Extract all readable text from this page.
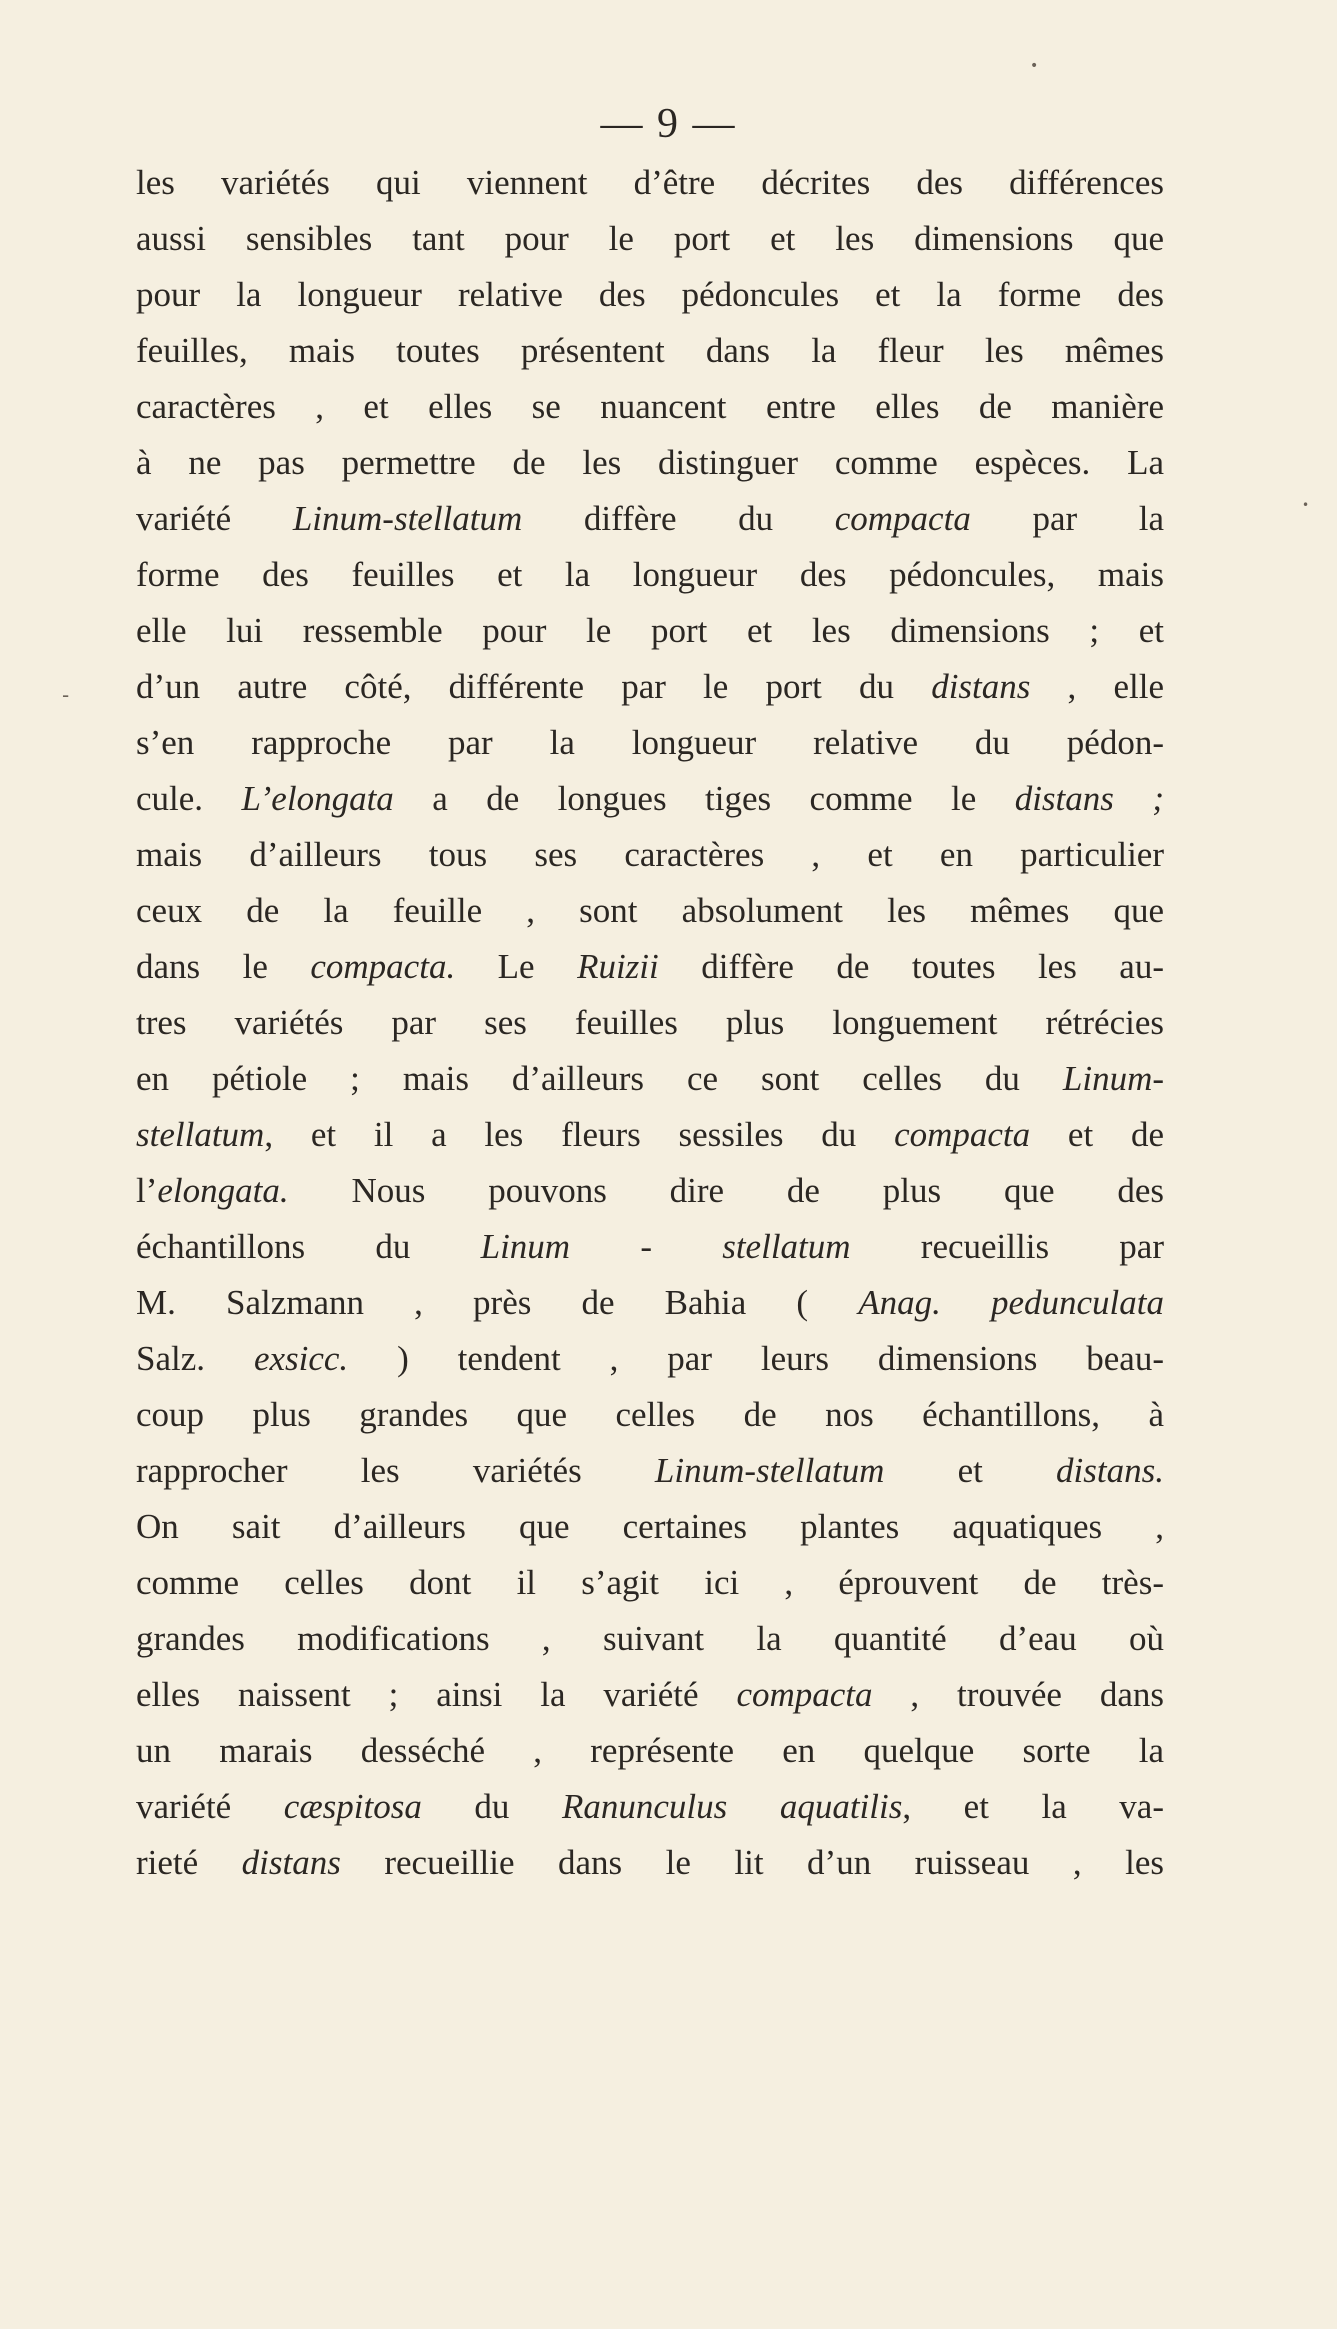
— 9 —
•
•
-
les variétés qui viennent d’être décrites des différences
aussi sensibles tant pour le port et les dimensions que
pour la longueur relative des pédoncules et la forme des
feuilles, mais toutes présentent dans la fleur les mêmes
caractères , et elles se nuancent entre elles de manière
à ne pas permettre de les distinguer comme espèces. La
variété Linum-stellatum diffère du compacta par la
forme des feuilles et la longueur des pédoncules, mais
elle lui ressemble pour le port et les dimensions ; et
d’un autre côté, différente par le port du distans , elle
s’en rapproche par la longueur relative du pédon-
cule. L’elongata a de longues tiges comme le distans ;
mais d’ailleurs tous ses caractères , et en particulier
ceux de la feuille , sont absolument les mêmes que
dans le compacta. Le Ruizii diffère de toutes les au-
tres variétés par ses feuilles plus longuement rétrécies
en pétiole ; mais d’ailleurs ce sont celles du Linum-
stellatum, et il a les fleurs sessiles du compacta et de
l’elongata. Nous pouvons dire de plus que des
échantillons du Linum - stellatum recueillis par
M. Salzmann , près de Bahia ( Anag. pedunculata
Salz. exsicc. ) tendent , par leurs dimensions beau-
coup plus grandes que celles de nos échantillons, à
rapprocher les variétés Linum-stellatum et distans.
On sait d’ailleurs que certaines plantes aquatiques ,
comme celles dont il s’agit ici , éprouvent de très-
grandes modifications , suivant la quantité d’eau où
elles naissent ; ainsi la variété compacta , trouvée dans
un marais desséché , représente en quelque sorte la
variété cæspitosa du Ranunculus aquatilis, et la va-
rieté distans recueillie dans le lit d’un ruisseau , les
